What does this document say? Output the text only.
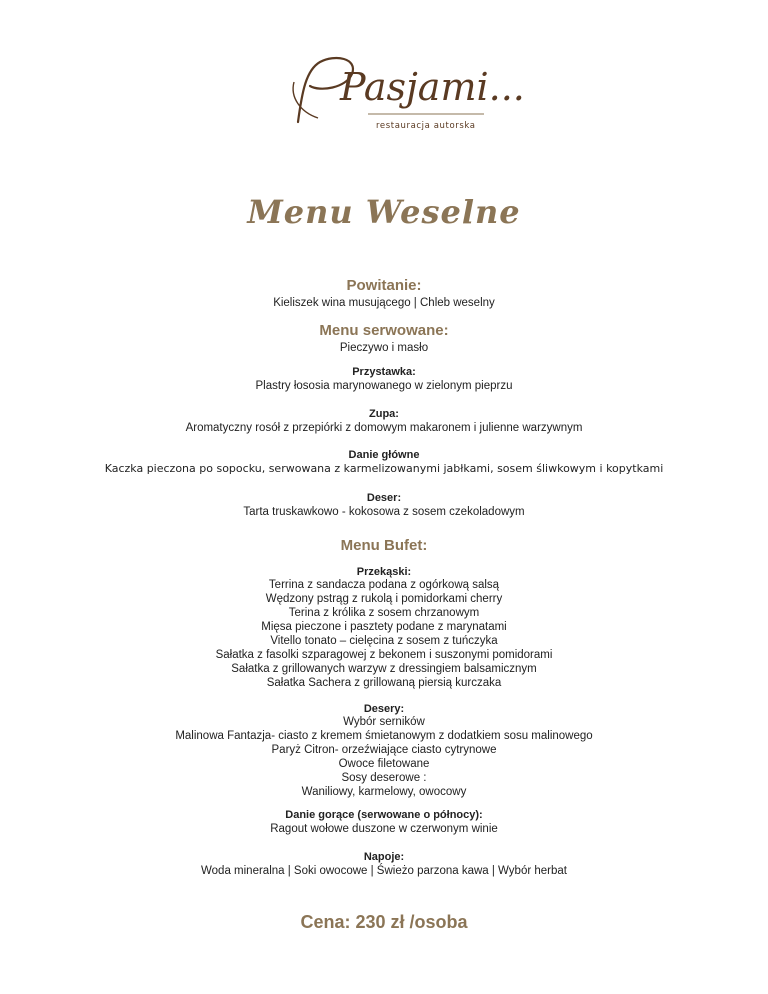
Pasjami...
restauracja autorska
Menu Weselne
Powitanie:
Kieliszek wina musującego | Chleb weselny
Menu serwowane:
Pieczywo i masło
Przystawka:
Plastry łososia marynowanego w zielonym pieprzu
Zupa:
Aromatyczny rosół z przepiórki z domowym makaronem i julienne warzywnym
Danie główne
Kaczka pieczona po sopocku, serwowana z karmelizowanymi jabłkami, sosem śliwkowym i kopytkami
Deser:
Tarta truskawkowo - kokosowa z sosem czekoladowym
Menu Bufet:
Przekąski:
Terrina z sandacza podana z ogórkową salsą
Wędzony pstrąg z rukolą i pomidorkami cherry
Terina z królika z sosem chrzanowym
Mięsa pieczone i pasztety podane z marynatami
Vitello tonato – cielęcina z sosem z tuńczyka
Sałatka z fasolki szparagowej z bekonem i suszonymi pomidorami
Sałatka z grillowanych warzyw z dressingiem balsamicznym
Sałatka Sachera z grillowaną piersią kurczaka
Desery:
Wybór serników
Malinowa Fantazja- ciasto z kremem śmietanowym z dodatkiem sosu malinowego
Paryż Citron- orzeźwiające ciasto cytrynowe
Owoce filetowane
Sosy deserowe :
Waniliowy, karmelowy, owocowy
Danie gorące (serwowane o północy):
Ragout wołowe duszone w czerwonym winie
Napoje:
Woda mineralna | Soki owocowe | Świeżo parzona kawa | Wybór herbat
Cena: 230 zł /osoba
